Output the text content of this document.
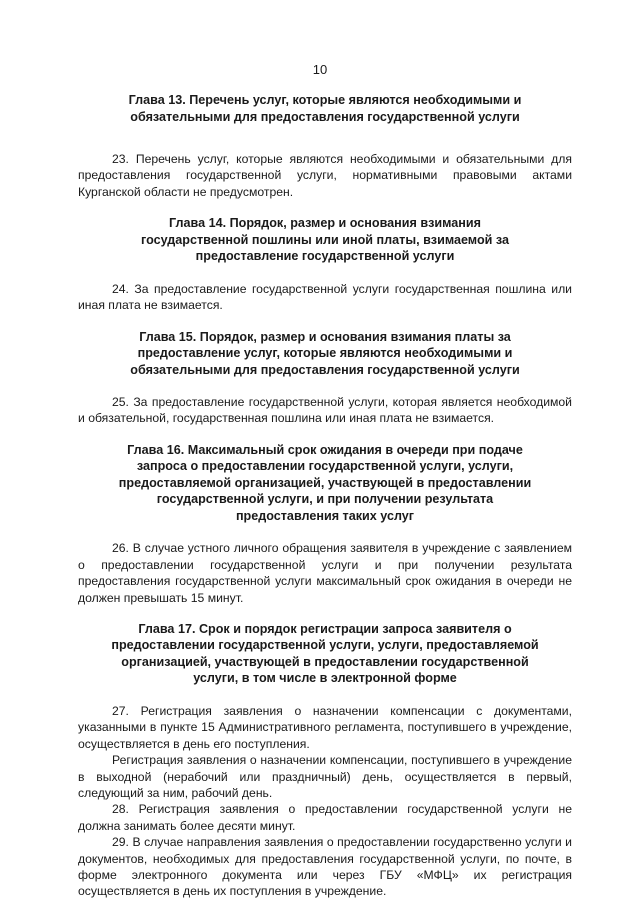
10
Глава 13. Перечень услуг, которые являются необходимыми и обязательными для предоставления государственной услуги

23. Перечень услуг, которые являются необходимыми и обязательными для предоставления государственной услуги, нормативными правовыми актами Курганской области не предусмотрен.

Глава 14. Порядок, размер и основания взимания государственной пошлины или иной платы, взимаемой за предоставление государственной услуги

24. За предоставление государственной услуги государственная пошлина или иная плата не взимается.

Глава 15. Порядок, размер и основания взимания платы за предоставление услуг, которые являются необходимыми и обязательными для предоставления государственной услуги

25. За предоставление государственной услуги, которая является необходимой и обязательной, государственная пошлина или иная плата не взимается.

Глава 16. Максимальный срок ожидания в очереди при подаче запроса о предоставлении государственной услуги, услуги, предоставляемой организацией, участвующей в предоставлении государственной услуги, и при получении результата предоставления таких услуг

26. В случае устного личного обращения заявителя в учреждение с заявлением о предоставлении государственной услуги и при получении результата предоставления государственной услуги максимальный срок ожидания в очереди не должен превышать 15 минут.

Глава 17. Срок и порядок регистрации запроса заявителя о предоставлении государственной услуги, услуги, предоставляемой организацией, участвующей в предоставлении государственной услуги, в том числе в электронной форме

27. Регистрация заявления о назначении компенсации с документами, указанными в пункте 15 Административного регламента, поступившего в учреждение, осуществляется в день его поступления.

Регистрация заявления о назначении компенсации, поступившего в учреждение в выходной (нерабочий или праздничный) день, осуществляется в первый, следующий за ним, рабочий день.

28. Регистрация заявления о предоставлении государственной услуги не должна занимать более десяти минут.

29. В случае направления заявления о предоставлении государственно услуги и документов, необходимых для предоставления государственной услуги, по почте, в форме электронного документа или через ГБУ «МФЦ» их регистрация осуществляется в день их поступления в учреждение.
